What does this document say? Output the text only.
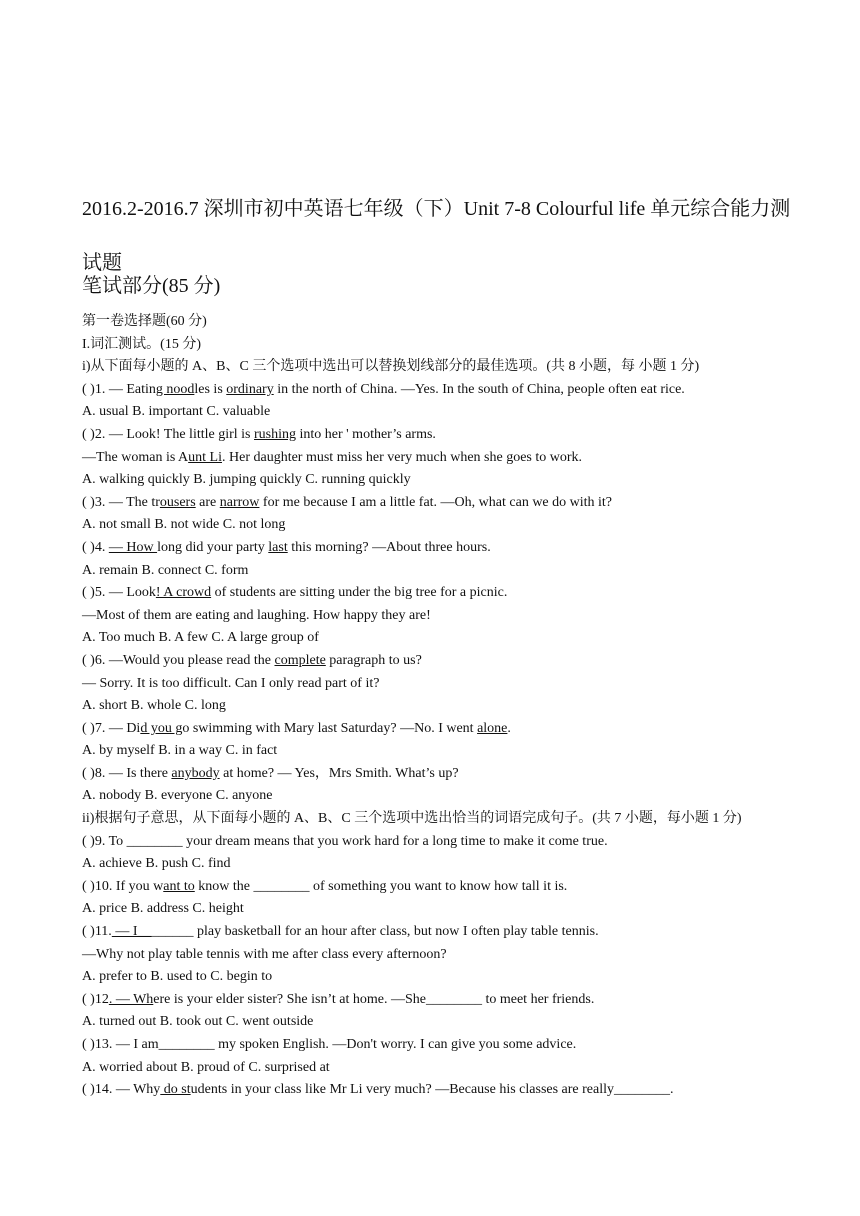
2016.2-2016.7 深圳市初中英语七年级（下）Unit 7-8 Colourful life 单元综合能力测试题
笔试部分(85 分)
第一卷选择题(60 分)
I.词汇测试。(15 分)
i)从下面每小题的 A、B、C 三个选项中选出可以替换划线部分的最佳选项。(共 8 小题，每 小题 1 分)
( )1. — Eating noodles is ordinary in the north of China. —Yes. In the south of China, people often eat rice.
A. usual B. important C. valuable
( )2. — Look! The little girl is rushing into her ' mother’s arms.
—The woman is Aunt Li. Her daughter must miss her very much when she goes to work.
A. walking quickly B. jumping quickly C. running quickly
( )3. — The trousers are narrow for me because I am a little fat. —Oh, what can we do with it?
A. not small B. not wide C. not long
( )4. — How long did your party last this morning? —About three hours.
A. remain B. connect C. form
( )5. — Look! A crowd of students are sitting under the big tree for a picnic.
—Most of them are eating and laughing. How happy they are!
A. Too much B. A few C. A large group of
( )6. —Would you please read the complete paragraph to us?
— Sorry. It is too difficult. Can I only read part of it?
A. short B. whole C. long
( )7. — Did you go swimming with Mary last Saturday? —No. I went alone.
A. by myself B. in a way C. in fact
( )8. — Is there anybody at home? — Yes，Mrs Smith. What’s up?
A. nobody B. everyone C. anyone
ii)根据句子意思，从下面每小题的 A、B、C 三个选项中选出恰当的词语完成句子。(共 7 小题，每小题 1 分)
( )9. To ________ your dream means that you work hard for a long time to make it come true.
A. achieve B. push C. find
( )10. If you want to know the ________ of something you want to know how tall it is.
A. price B. address C. height
( )11. — I________ play basketball for an hour after class, but now I often play table tennis.
—Why not play table tennis with me after class every afternoon?
A. prefer to B. used to C. begin to
( )12. — Where is your elder sister? She isn’t at home. —She________ to meet her friends.
A. turned out B. took out C. went outside
( )13. — I am________ my spoken English. —Don't worry. I can give you some advice.
A. worried about B. proud of C. surprised at
( )14. — Why do students in your class like Mr Li very much? —Because his classes are really________.
